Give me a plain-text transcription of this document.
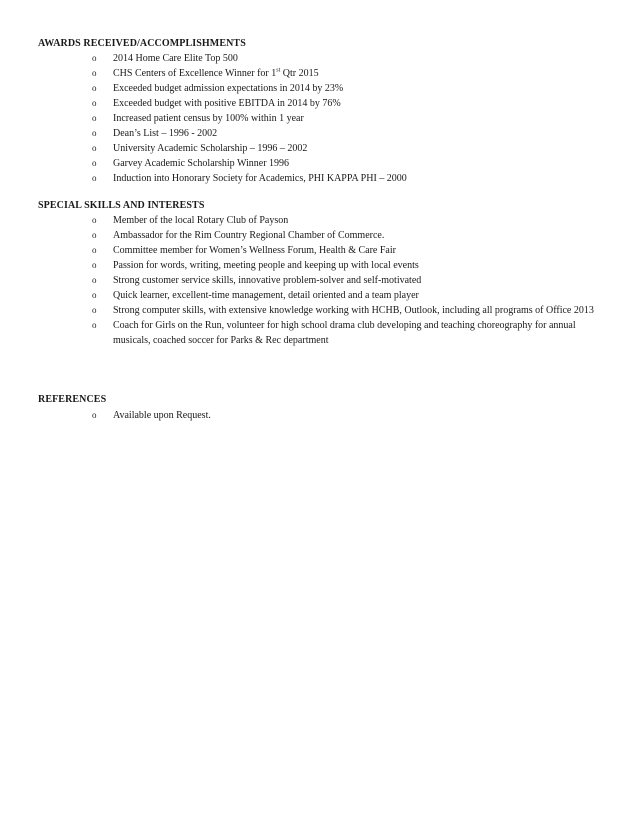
AWARDS RECEIVED/ACCOMPLISHMENTS
o 2014 Home Care Elite Top 500
o CHS Centers of Excellence Winner for 1st Qtr 2015
o Exceeded budget admission expectations in 2014 by 23%
o Exceeded budget with positive EBITDA in 2014 by 76%
o Increased patient census by 100% within 1 year
o Dean’s List – 1996 - 2002
o University Academic Scholarship – 1996 – 2002
o Garvey Academic Scholarship Winner 1996
o Induction into Honorary Society for Academics, PHI KAPPA PHI – 2000
SPECIAL SKILLS AND INTERESTS
o Member of the local Rotary Club of Payson
o Ambassador for the Rim Country Regional Chamber of Commerce.
o Committee member for Women’s Wellness Forum, Health & Care Fair
o Passion for words, writing, meeting people and keeping up with local events
o Strong customer service skills, innovative problem-solver and self-motivated
o Quick learner, excellent-time management, detail oriented and a team player
o Strong computer skills, with extensive knowledge working with HCHB, Outlook, including all programs of Office 2013
o Coach for Girls on the Run, volunteer for high school drama club developing and teaching choreography for annual musicals, coached soccer for Parks & Rec department
REFERENCES
o Available upon Request.
